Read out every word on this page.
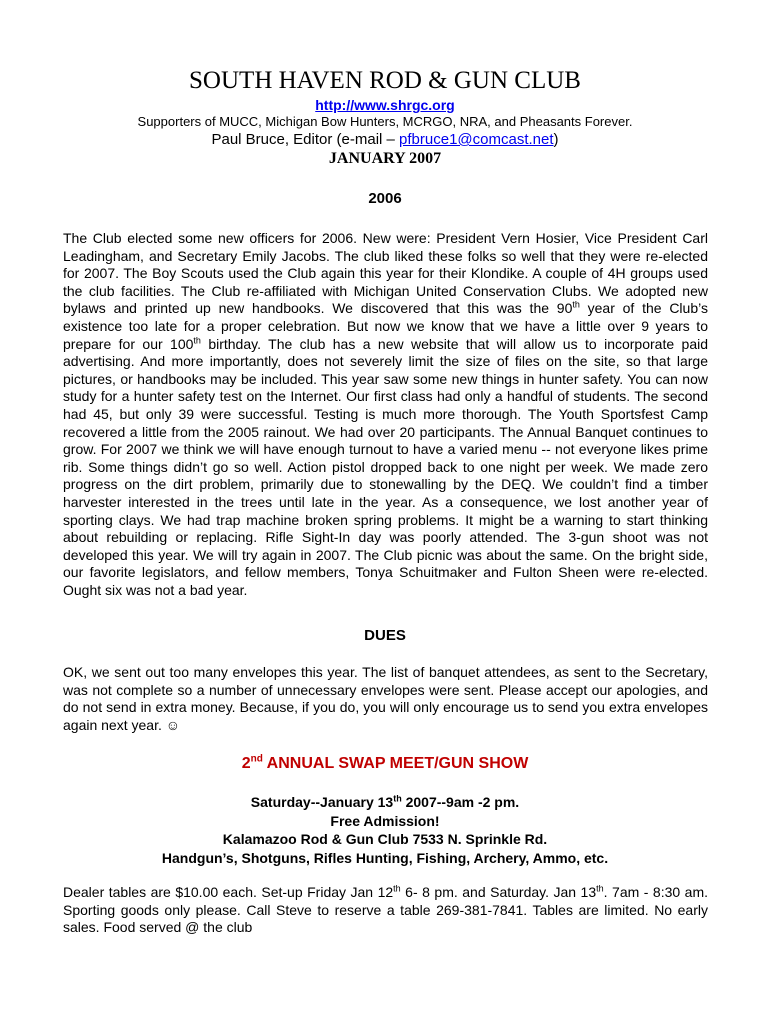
SOUTH HAVEN ROD & GUN CLUB
http://www.shrgc.org
Supporters of MUCC, Michigan Bow Hunters, MCRGO, NRA, and Pheasants Forever.
Paul Bruce, Editor (e-mail – pfbruce1@comcast.net)
JANUARY 2007
2006
The Club elected some new officers for 2006. New were: President Vern Hosier, Vice President Carl Leadingham, and Secretary Emily Jacobs. The club liked these folks so well that they were re-elected for 2007. The Boy Scouts used the Club again this year for their Klondike. A couple of 4H groups used the club facilities. The Club re-affiliated with Michigan United Conservation Clubs. We adopted new bylaws and printed up new handbooks. We discovered that this was the 90th year of the Club’s existence too late for a proper celebration. But now we know that we have a little over 9 years to prepare for our 100th birthday. The club has a new website that will allow us to incorporate paid advertising. And more importantly, does not severely limit the size of files on the site, so that large pictures, or handbooks may be included. This year saw some new things in hunter safety. You can now study for a hunter safety test on the Internet. Our first class had only a handful of students. The second had 45, but only 39 were successful. Testing is much more thorough. The Youth Sportsfest Camp recovered a little from the 2005 rainout. We had over 20 participants. The Annual Banquet continues to grow. For 2007 we think we will have enough turnout to have a varied menu -- not everyone likes prime rib. Some things didn’t go so well. Action pistol dropped back to one night per week. We made zero progress on the dirt problem, primarily due to stonewalling by the DEQ. We couldn’t find a timber harvester interested in the trees until late in the year. As a consequence, we lost another year of sporting clays. We had trap machine broken spring problems. It might be a warning to start thinking about rebuilding or replacing. Rifle Sight-In day was poorly attended. The 3-gun shoot was not developed this year. We will try again in 2007. The Club picnic was about the same. On the bright side, our favorite legislators, and fellow members, Tonya Schuitmaker and Fulton Sheen were re-elected. Ought six was not a bad year.
DUES
OK, we sent out too many envelopes this year. The list of banquet attendees, as sent to the Secretary, was not complete so a number of unnecessary envelopes were sent. Please accept our apologies, and do not send in extra money. Because, if you do, you will only encourage us to send you extra envelopes again next year. ☺
2nd ANNUAL SWAP MEET/GUN SHOW
Saturday--January 13th 2007--9am -2 pm.
Free Admission!
Kalamazoo Rod & Gun Club 7533 N. Sprinkle Rd.
Handgun’s, Shotguns, Rifles Hunting, Fishing, Archery, Ammo, etc.
Dealer tables are $10.00 each. Set-up Friday Jan 12th 6- 8 pm. and Saturday. Jan 13th. 7am - 8:30 am. Sporting goods only please. Call Steve to reserve a table 269-381-7841. Tables are limited. No early sales. Food served @ the club
